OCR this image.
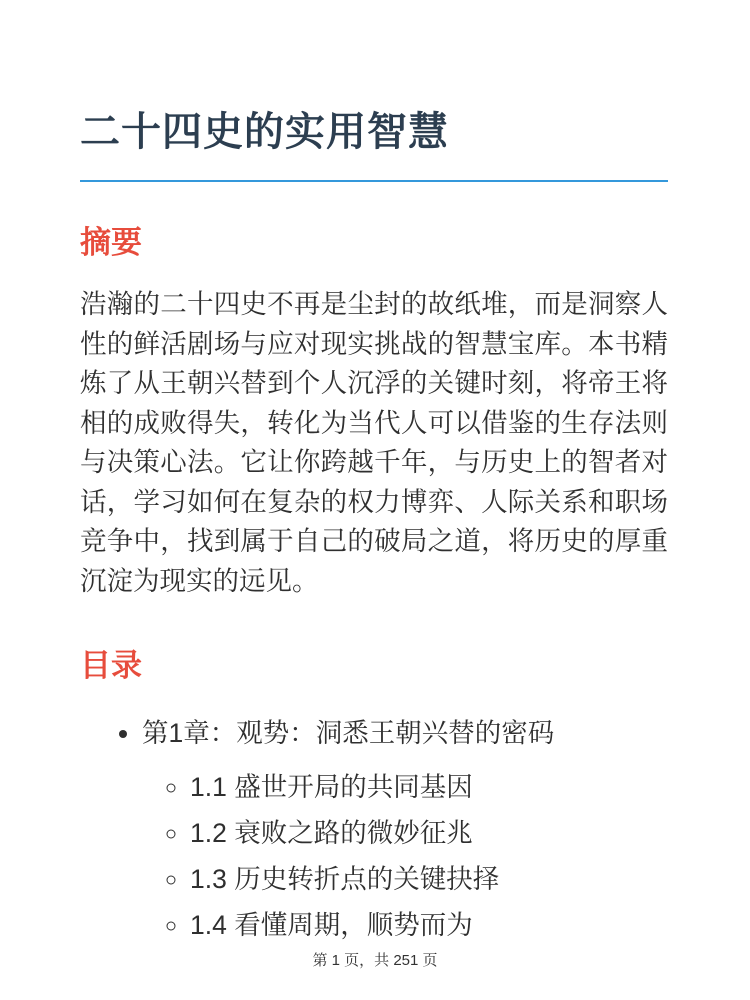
二十四史的实用智慧
摘要

浩瀚的二十四史不再是尘封的故纸堆，而是洞察人性的鲜活剧场与应对现实挑战的智慧宝库。本书精炼了从王朝兴替到个人沉浮的关键时刻，将帝王将相的成败得失，转化为当代人可以借鉴的生存法则与决策心法。它让你跨越千年，与历史上的智者对话，学习如何在复杂的权力博弈、人际关系和职场竞争中，找到属于自己的破局之道，将历史的厚重沉淀为现实的远见。

目录
• 第1章：观势：洞悉王朝兴替的密码
◦ 1.1 盛世开局的共同基因
◦ 1.2 衰败之路的微妙征兆
◦ 1.3 历史转折点的关键抉择
◦ 1.4 看懂周期，顺势而为
第 1 页，共 251 页
